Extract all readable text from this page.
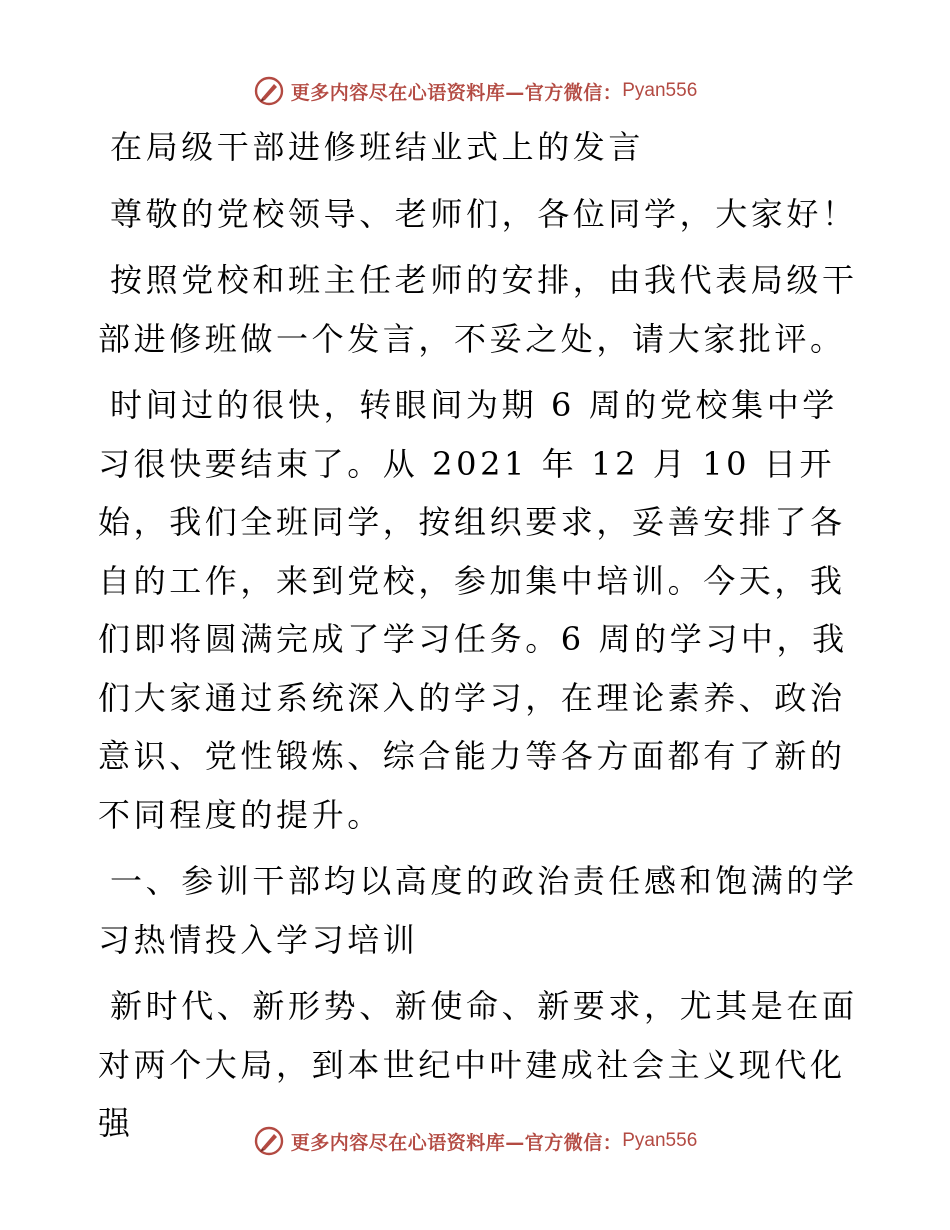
更多内容尽在心语资料库—官方微信： Pyan556

在局级干部进修班结业式上的发言

尊敬的党校领导、老师们，各位同学，大家好！

按照党校和班主任老师的安排，由我代表局级干部进修班做一个发言，不妥之处，请大家批评。

时间过的很快，转眼间为期 6 周的党校集中学习很快要结束了。从 2021 年 12 月 10 日开始，我们全班同学，按组织要求，妥善安排了各自的工作，来到党校，参加集中培训。今天，我们即将圆满完成了学习任务。6 周的学习中，我们大家通过系统深入的学习，在理论素养、政治意识、党性锻炼、综合能力等各方面都有了新的不同程度的提升。

一、参训干部均以高度的政治责任感和饱满的学习热情投入学习培训

新时代、新形势、新使命、新要求，尤其是在面对两个大局，到本世纪中叶建成社会主义现代化强

更多内容尽在心语资料库—官方微信： Pyan556
